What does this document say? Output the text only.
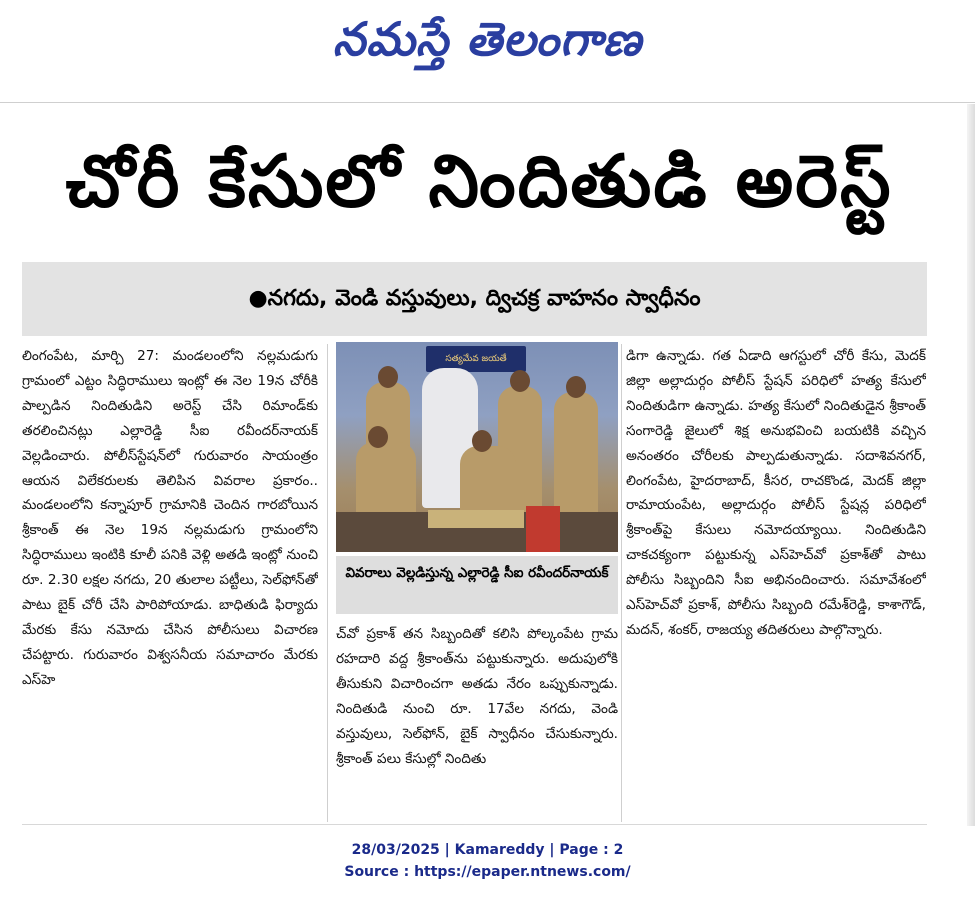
నమస్తే తెలంగాణ
చోరీ కేసులో నిందితుడి అరెస్ట్
●నగదు, వెండి వస్తువులు, ద్విచక్ర వాహనం స్వాధీనం

లింగంపేట, మార్చి 27: మండలంలోని నల్లమడుగు గ్రామంలో ఎట్టం సిద్ధిరాములు ఇంట్లో ఈ నెల 19న చోరీకి పాల్పడిన నిందితుడిని అరెస్ట్ చేసి రిమాండ్‌కు తరలించినట్లు ఎల్లారెడ్డి సీఐ రవీందర్‌నాయక్ వెల్లడించారు. పోలీస్‌స్టేషన్‌లో గురువారం సాయంత్రం ఆయన విలేకరులకు తెలిపిన వివరాల ప్రకారం.. మండలంలోని కన్నాపూర్ గ్రామానికి చెందిన గారబోయిన శ్రీకాంత్ ఈ నెల 19న నల్లమడుగు గ్రామంలోని సిద్ధిరాములు ఇంటికి కూలీ పనికి వెళ్లి అతడి ఇంట్లో నుంచి రూ. 2.30 లక్షల నగదు, 20 తులాల పట్టీలు, సెల్‌ఫోన్‌తో పాటు బైక్ చోరీ చేసి పారిపోయాడు. బాధితుడి ఫిర్యాదు మేరకు కేసు నమోదు చేసిన పోలీసులు విచారణ చేపట్టారు. గురువారం విశ్వసనీయ సమాచారం మేరకు ఎస్‌హె

సత్యమేవ జయతే
వివరాలు వెల్లడిస్తున్న ఎల్లారెడ్డి సీఐ రవీందర్‌నాయక్

చ్‌వో ప్రకాశ్ తన సిబ్బందితో కలిసి పోల్కంపేట గ్రామ రహదారి వద్ద శ్రీకాంత్‌ను పట్టుకున్నారు. అదుపులోకి తీసుకుని విచారించగా అతడు నేరం ఒప్పుకున్నాడు. నిందితుడి నుంచి రూ. 17వేల నగదు, వెండి వస్తువులు, సెల్‌ఫోన్, బైక్ స్వాధీనం చేసుకున్నారు. శ్రీకాంత్ పలు కేసుల్లో నిందితు

డిగా ఉన్నాడు. గత ఏడాది ఆగస్టులో చోరీ కేసు, మెదక్ జిల్లా అల్లాదుర్గం పోలీస్ స్టేషన్ పరిధిలో హత్య కేసులో నిందితుడిగా ఉన్నాడు. హత్య కేసులో నిందితుడైన శ్రీకాంత్ సంగారెడ్డి జైలులో శిక్ష అనుభవించి బయటికి వచ్చిన అనంతరం చోరీలకు పాల్పడుతున్నాడు. సదాశివనగర్, లింగంపేట, హైదరాబాద్, కీసర, రాచకొండ, మెదక్ జిల్లా రామాయంపేట, అల్లాదుర్గం పోలీస్ స్టేషన్ల పరిధిలో శ్రీకాంత్‌పై కేసులు నమోదయ్యాయి. నిందితుడిని చాకచక్యంగా పట్టుకున్న ఎస్‌హెచ్‌వో ప్రకాశ్‌తో పాటు పోలీసు సిబ్బందిని సీఐ అభినందించారు. సమావేశంలో ఎస్‌హెచ్‌వో ప్రకాశ్, పోలీసు సిబ్బంది రమేశ్‌రెడ్డి, కాశాగౌడ్, మదన్, శంకర్, రాజయ్య తదితరులు పాల్గొన్నారు.

28/03/2025 | Kamareddy | Page : 2
Source : https://epaper.ntnews.com/
